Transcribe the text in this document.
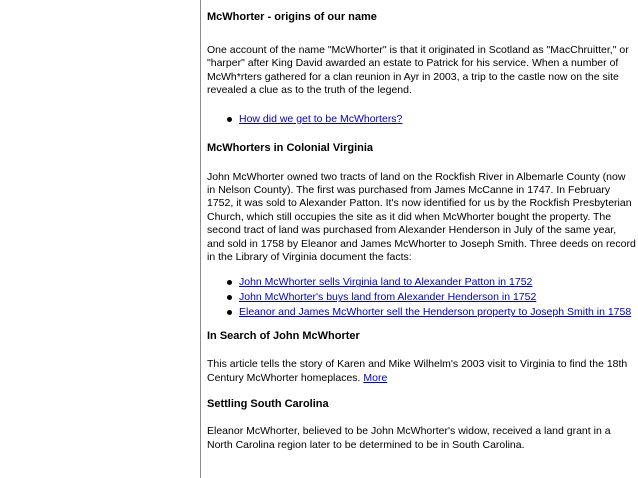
McWhorter - origins of our name

One account of the name "McWhorter" is that it originated in Scotland as "MacChruitter," or "harper" after King David awarded an estate to Patrick for his service. When a number of McWh*rters gathered for a clan reunion in Ayr in 2003, a trip to the castle now on the site revealed a clue as to the truth of the legend.

How did we get to be McWhorters?
McWhorters in Colonial Virginia

John McWhorter owned two tracts of land on the Rockfish River in Albemarle County (now in Nelson County). The first was purchased from James McCanne in 1747. In February 1752, it was sold to Alexander Patton. It's now identified for us by the Rockfish Presbyterian Church, which still occupies the site as it did when McWhorter bought the property. The second tract of land was purchased from Alexander Henderson in July of the same year, and sold in 1758 by Eleanor and James McWhorter to Joseph Smith. Three deeds on record in the Library of Virginia document the facts:

John McWhorter sells Virginia land to Alexander Patton in 1752
John McWhorter's buys land from Alexander Henderson in 1752
Eleanor and James McWhorter sell the Henderson property to Joseph Smith in 1758
In Search of John McWhorter

This article tells the story of Karen and Mike Wilhelm's 2003 visit to Virginia to find the 18th Century McWhorter homeplaces. More

Settling South Carolina

Eleanor McWhorter, believed to be John McWhorter's widow, received a land grant in a North Carolina region later to be determined to be in South Carolina.
